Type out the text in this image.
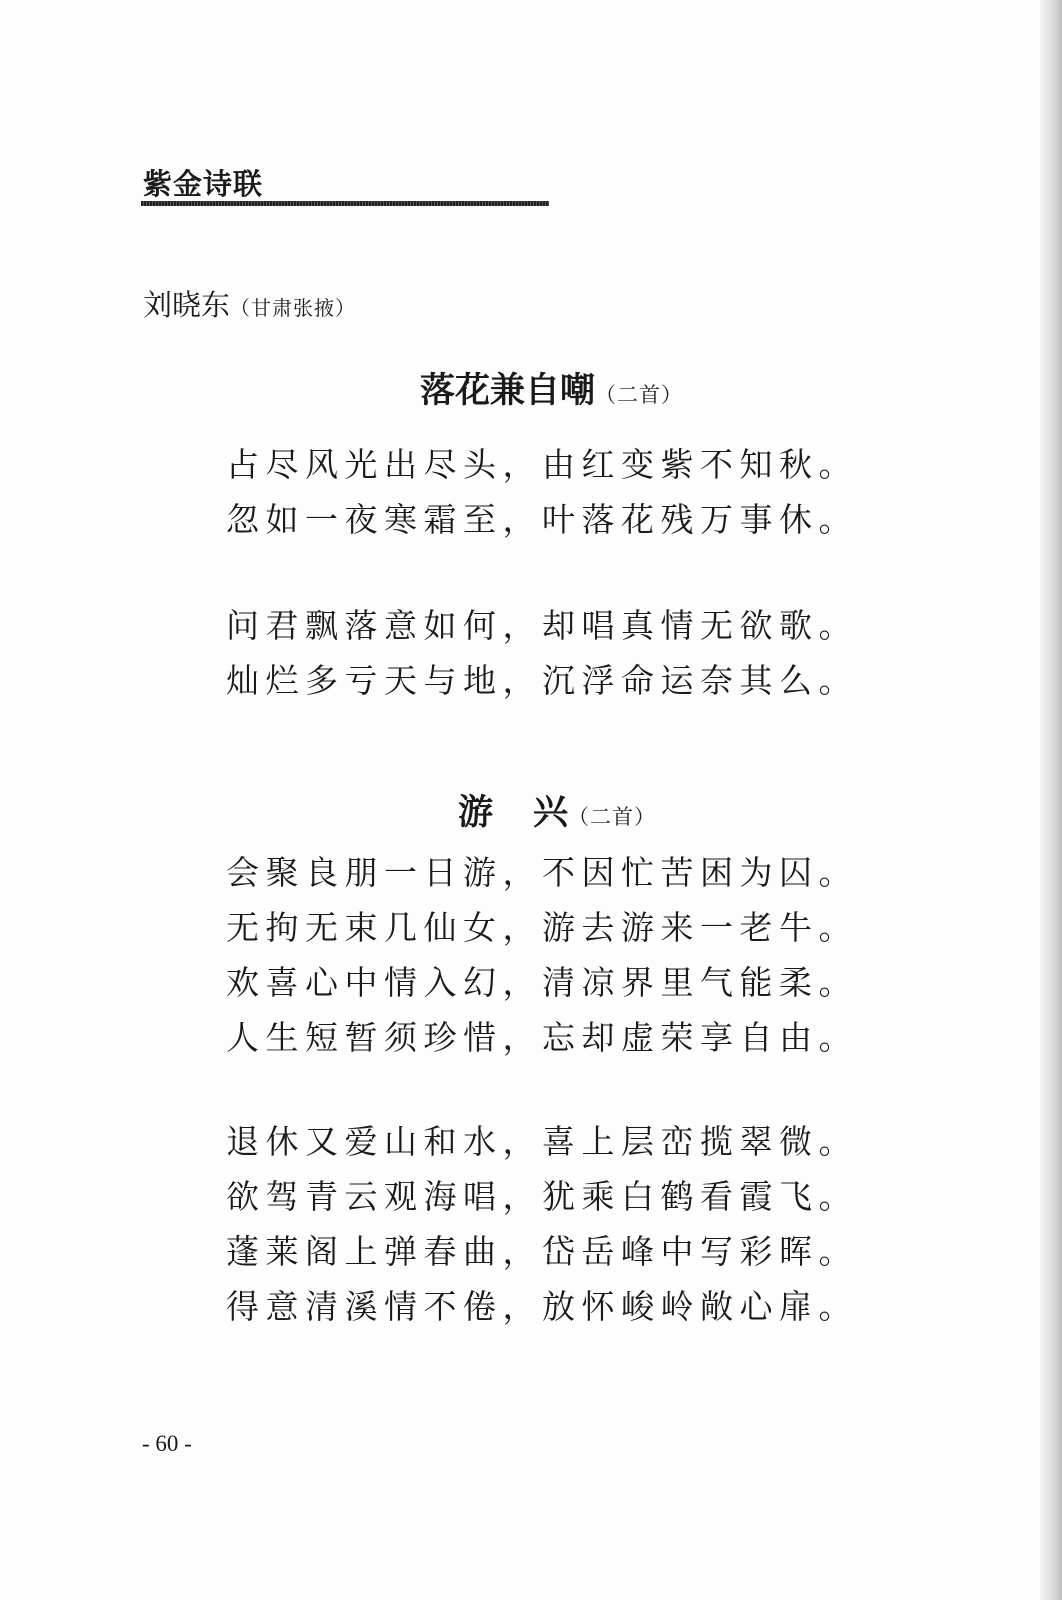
紫金诗联
刘晓东（甘肃张掖）
落花兼自嘲（二首）
占尽风光出尽头，由红变紫不知秋。
忽如一夜寒霜至，叶落花残万事休。
问君飘落意如何，却唱真情无欲歌。
灿烂多亏天与地，沉浮命运奈其么。
游 兴（二首）
会聚良朋一日游，不因忙苦困为囚。
无拘无束几仙女，游去游来一老牛。
欢喜心中情入幻，清凉界里气能柔。
人生短暂须珍惜，忘却虚荣享自由。
退休又爱山和水，喜上层峦揽翠微。
欲驾青云观海唱，犹乘白鹤看霞飞。
蓬莱阁上弹春曲，岱岳峰中写彩晖。
得意清溪情不倦，放怀峻岭敞心扉。
- 60 -
